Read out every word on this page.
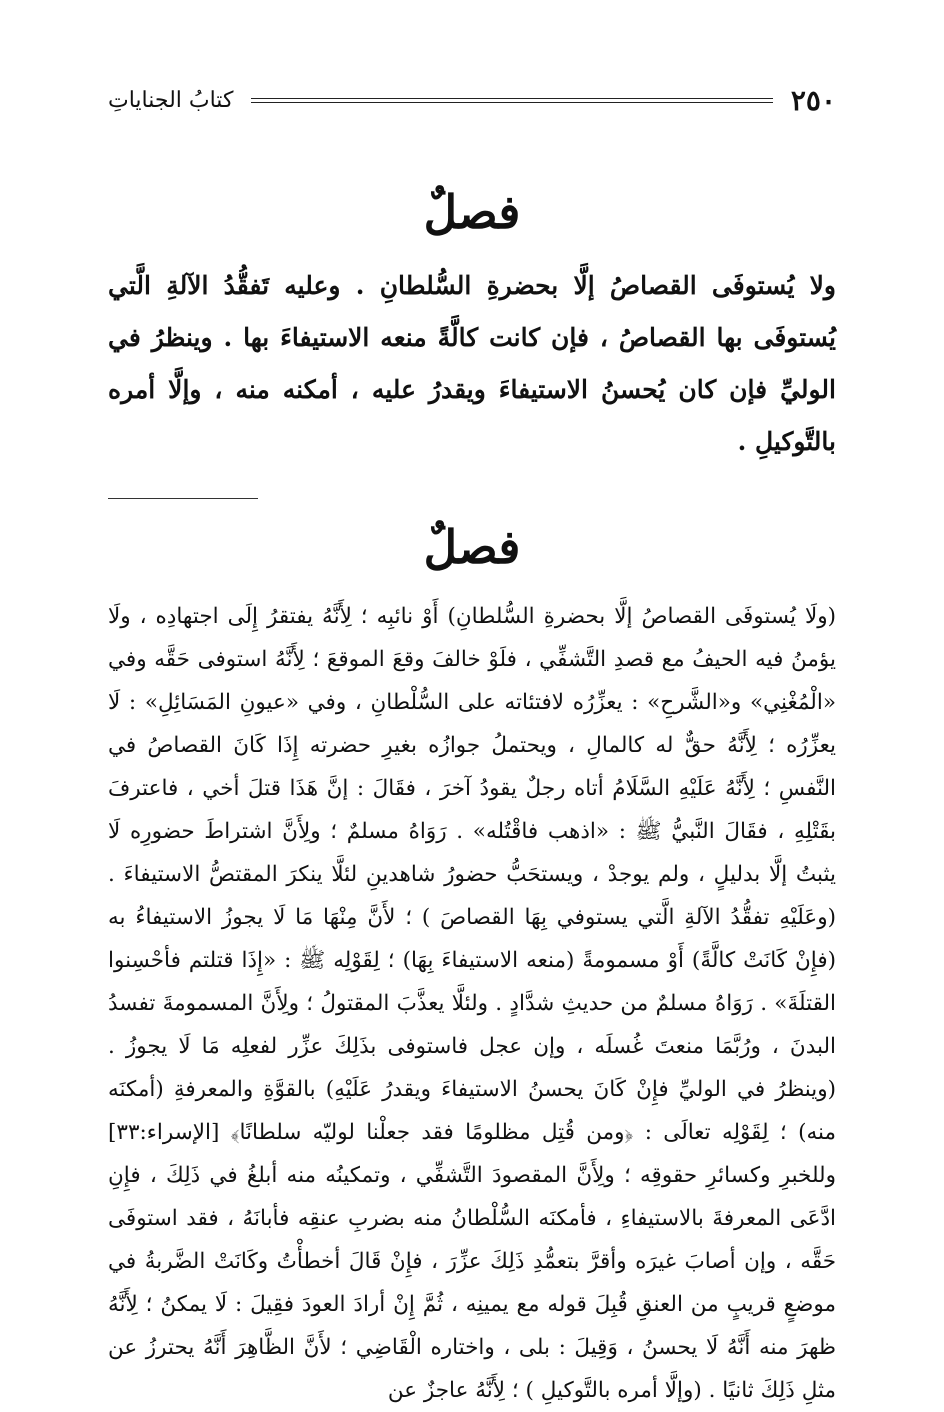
٢٥٠
كتابُ الجناياتِ
فصلٌ

ولا يُستوفَى القصاصُ إلَّا بحضرةِ السُّلطانِ . وعليه تَفقُّدُ الآلةِ الَّتي يُستوفَى بها القصاصُ ، فإن كانت كالَّةً منعه الاستيفاءَ بها . وينظرُ في الوليِّ فإن كان يُحسنُ الاستيفاءَ ويقدرُ عليه ، أمكنه منه ، وإلَّا أمره بالتَّوكيلِ .

فصلٌ

(ولَا يُستوفَى القصاصُ إلَّا بحضرةِ السُّلطانِ) أَوْ نائبِه ؛ لِأَنَّهُ يفتقرُ إِلَى اجتهادِه ، ولَا يؤمنُ فيه الحيفُ مع قصدِ التَّشفِّي ، فلَوْ خالفَ وقعَ الموقعَ ؛ لِأَنَّهُ استوفى حَقَّه وفي «الْمُغْنِي» و«الشَّرحِ» : يعزِّرُه لافتئاته على السُّلْطانِ ، وفي «عيونِ المَسَائِلِ» : لَا يعزِّرُه ؛ لِأَنَّهُ حقٌّ له كالمالِ ، ويحتملُ جوازُه بغيرِ حضرته إِذَا كَانَ القصاصُ في النَّفسِ ؛ لِأَنَّهُ عَلَيْهِ السَّلَامُ أتاه رجلٌ يقودُ آخرَ ، فقَالَ : إنَّ هَذَا قتلَ أخي ، فاعترفَ بقَتْلِهِ ، فقَالَ النَّبيُّ ﷺ : «اذهب فاقْتُله» . رَوَاهُ مسلمٌ ؛ ولِأَنَّ اشتراطَ حضورِه لَا يثبتُ إلَّا بدليلٍ ، ولم يوجدْ ، ويستحَبُّ حضورُ شاهدينِ لئلَّا ينكرَ المقتصُّ الاستيفاءَ . (وعَلَيْهِ تفقُّدُ الآلةِ الَّتي يستوفي بِهَا القصاصَ ) ؛ لأَنَّ مِنْهَا مَا لَا يجوزُ الاستيفاءُ به (فإِنْ كَانَتْ كالَّةً) أَوْ مسمومةً (منعه الاستيفاءَ بِهَا) ؛ لِقَوْلِه ﷺ : «إِذَا قتلتم فأحْسِنوا القتلَةَ» . رَوَاهُ مسلمٌ من حديثِ شدَّادٍ . ولئلَّا يعذَّبَ المقتولُ ؛ ولِأَنَّ المسمومةَ تفسدُ البدنَ ، ورُبَّمَا منعتَ غُسلَه ، وإن عجل فاستوفى بذَلِكَ عزِّر لفعلِه مَا لَا يجوزُ . (وينظرُ في الوليِّ فإِنْ كَانَ يحسنُ الاستيفاءَ ويقدرُ عَلَيْهِ) بالقوَّةِ والمعرفةِ (أمكنَه منه) ؛ لِقَوْلِه تعالَى : ﴿ومن قُتِل مظلومًا فقد جعلْنا لوليّه سلطانًا﴾ [الإسراء:٣٣] وللخبرِ وكسائرِ حقوقِه ؛ ولِأَنَّ المقصودَ التَّشفِّي ، وتمكينُه منه أبلغُ في ذَلِكَ ، فإِنِ ادَّعَى المعرفةَ بالاستيفاءِ ، فأمكنَه السُّلْطانُ منه بضربِ عنقِه فأبانَهُ ، فقد استوفَى حَقَّه ، وإن أصابَ غيرَه وأقرَّ بتعمُّدِ ذَلِكَ عزِّرَ ، فإِنْ قَالَ أخطأْتُ وكَانَتْ الضَّربةُ في موضعٍ قريبٍ من العنقِ قُبِلَ قوله مع يمينِه ، ثُمَّ إِنْ أرادَ العودَ فقِيلَ : لَا يمكنُ ؛ لِأَنَّهُ ظهرَ منه أَنَّهُ لَا يحسنُ ، وَقِيلَ : بلى ، واختاره الْقَاضِي ؛ لأَنَّ الظَّاهِرَ أَنَّهُ يحترزُ عن مثلِ ذَلِكَ ثانيًا . (وإلَّا أمره بالتَّوكيلِ ) ؛ لِأَنَّهُ عاجزٌ عن
